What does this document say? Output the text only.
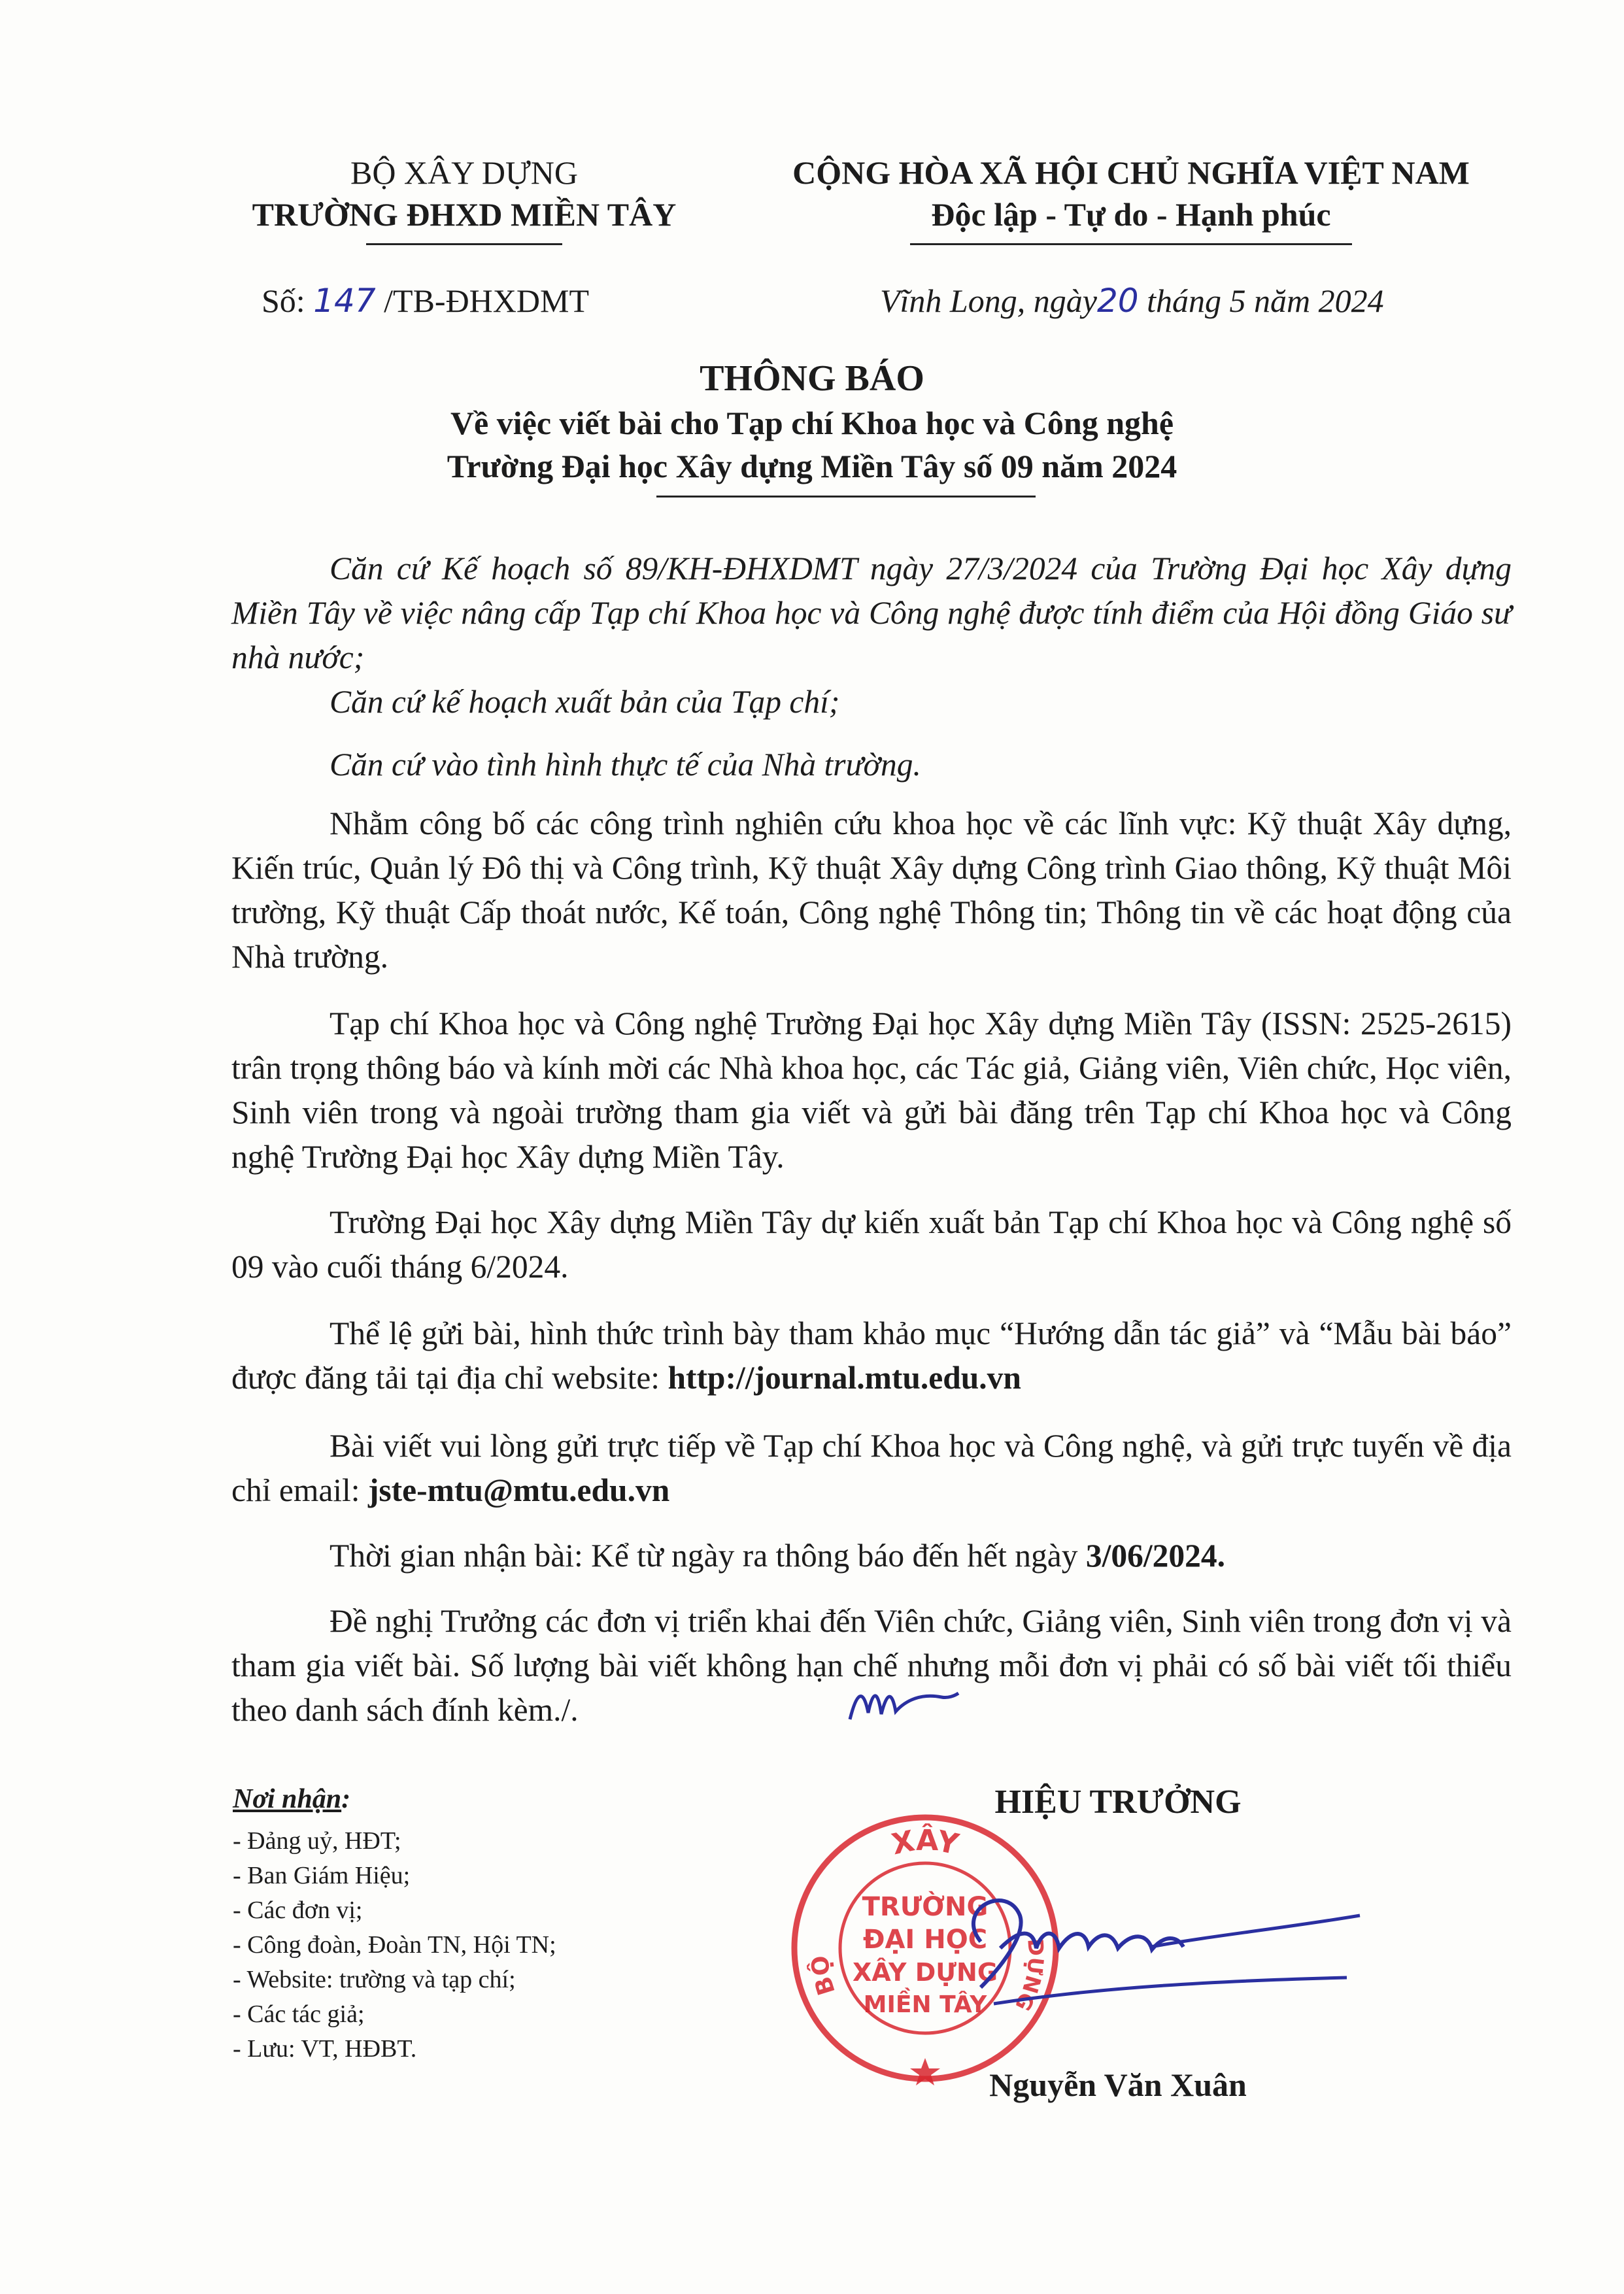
BỘ XÂY DỰNG
TRƯỜNG ĐHXD MIỀN TÂY
CỘNG HÒA XÃ HỘI CHỦ NGHĨA VIỆT NAM
Độc lập - Tự do - Hạnh phúc
Số: 147 /TB-ĐHXDMT	Vĩnh Long, ngày20 tháng 5 năm 2024
THÔNG BÁO
Về việc viết bài cho Tạp chí Khoa học và Công nghệ
Trường Đại học Xây dựng Miền Tây số 09 năm 2024
Căn cứ Kế hoạch số 89/KH-ĐHXDMT ngày 27/3/2024 của Trường Đại học Xây dựng Miền Tây về việc nâng cấp Tạp chí Khoa học và Công nghệ được tính điểm của Hội đồng Giáo sư nhà nước;
Căn cứ kế hoạch xuất bản của Tạp chí;
Căn cứ vào tình hình thực tế của Nhà trường.
Nhằm công bố các công trình nghiên cứu khoa học về các lĩnh vực: Kỹ thuật Xây dựng, Kiến trúc, Quản lý Đô thị và Công trình, Kỹ thuật Xây dựng Công trình Giao thông, Kỹ thuật Môi trường, Kỹ thuật Cấp thoát nước, Kế toán, Công nghệ Thông tin; Thông tin về các hoạt động của Nhà trường.
Tạp chí Khoa học và Công nghệ Trường Đại học Xây dựng Miền Tây (ISSN: 2525-2615) trân trọng thông báo và kính mời các Nhà khoa học, các Tác giả, Giảng viên, Viên chức, Học viên, Sinh viên trong và ngoài trường tham gia viết và gửi bài đăng trên Tạp chí Khoa học và Công nghệ Trường Đại học Xây dựng Miền Tây.
Trường Đại học Xây dựng Miền Tây dự kiến xuất bản Tạp chí Khoa học và Công nghệ số 09 vào cuối tháng 6/2024.
Thể lệ gửi bài, hình thức trình bày tham khảo mục “Hướng dẫn tác giả” và “Mẫu bài báo” được đăng tải tại địa chỉ website: http://journal.mtu.edu.vn
Bài viết vui lòng gửi trực tiếp về Tạp chí Khoa học và Công nghệ, và gửi trực tuyến về địa chỉ email: jste-mtu@mtu.edu.vn
Thời gian nhận bài: Kể từ ngày ra thông báo đến hết ngày 3/06/2024.
Đề nghị Trưởng các đơn vị triển khai đến Viên chức, Giảng viên, Sinh viên trong đơn vị và tham gia viết bài. Số lượng bài viết không hạn chế nhưng mỗi đơn vị phải có số bài viết tối thiểu theo danh sách đính kèm./.
Nơi nhận:
- Đảng uỷ, HĐT;
- Ban Giám Hiệu;
- Các đơn vị;
- Công đoàn, Đoàn TN, Hội TN;
- Website: trường và tạp chí;
- Các tác giả;
- Lưu: VT, HĐBT.
HIỆU TRƯỞNG
XÂY
BỘ
DỰNG
TRƯỜNG
ĐẠI HỌC
XÂY DỰNG
MIỀN TÂY
Nguyễn Văn Xuân
